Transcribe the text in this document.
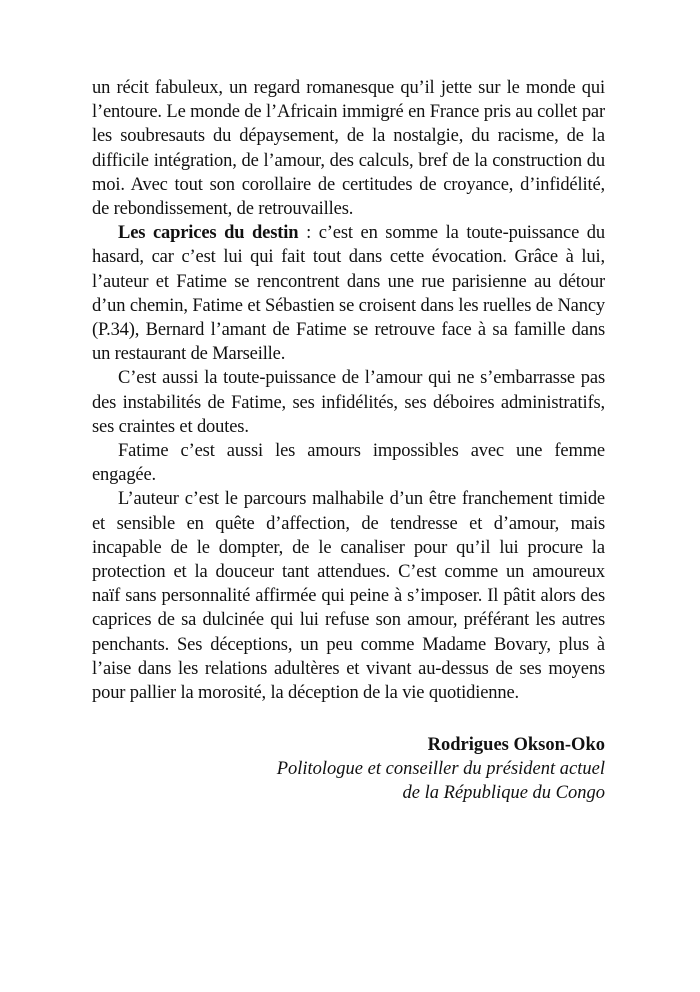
un récit fabuleux, un regard romanesque qu’il jette sur le monde qui l’entoure. Le monde de l’Africain immigré en France pris au collet par les soubresauts du dépaysement, de la nostalgie, du racisme, de la difficile intégration, de l’amour, des calculs, bref de la construction du moi. Avec tout son corollaire de certitudes de croyance, d’infidélité, de rebondissement, de retrouvailles.

Les caprices du destin : c’est en somme la toute-puissance du hasard, car c’est lui qui fait tout dans cette évocation. Grâce à lui, l’auteur et Fatime se rencontrent dans une rue parisienne au détour d’un chemin, Fatime et Sébastien se croisent dans les ruelles de Nancy (P.34), Bernard l’amant de Fatime se retrouve face à sa famille dans un restaurant de Marseille.

C’est aussi la toute-puissance de l’amour qui ne s’embarrasse pas des instabilités de Fatime, ses infidélités, ses déboires administratifs, ses craintes et doutes.

Fatime c’est aussi les amours impossibles avec une femme engagée.

L’auteur c’est le parcours malhabile d’un être franchement timide et sensible en quête d’affection, de tendresse et d’amour, mais incapable de le dompter, de le canaliser pour qu’il lui procure la protection et la douceur tant attendues. C’est comme un amoureux naïf sans personnalité affirmée qui peine à s’imposer. Il pâtit alors des caprices de sa dulcinée qui lui refuse son amour, préférant les autres penchants. Ses déceptions, un peu comme Madame Bovary, plus à l’aise dans les relations adultères et vivant au-dessus de ses moyens pour pallier la morosité, la déception de la vie quotidienne.

Rodrigues Okson-Oko
Politologue et conseiller du président actuel
de la République du Congo
